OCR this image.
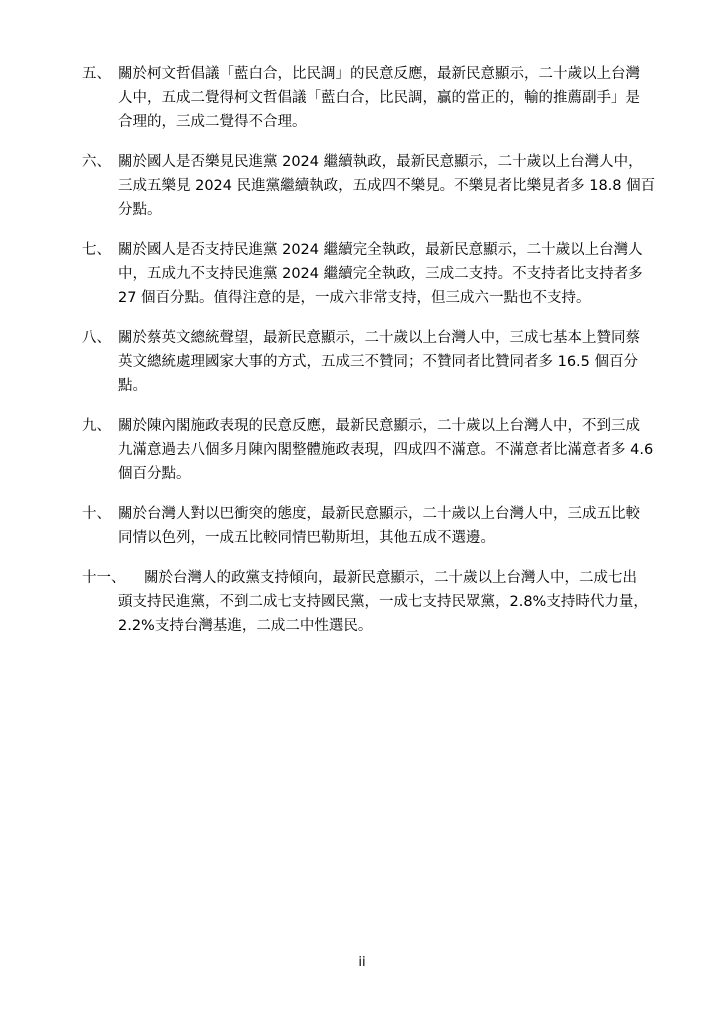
五、 關於柯文哲倡議「藍白合，比民調」的民意反應，最新民意顯示，二十歲以上台灣
人中，五成二覺得柯文哲倡議「藍白合，比民調，贏的當正的，輸的推薦副手」是
合理的，三成二覺得不合理。
六、 關於國人是否樂見民進黨 2024 繼續執政，最新民意顯示，二十歲以上台灣人中，
三成五樂見 2024 民進黨繼續執政，五成四不樂見。不樂見者比樂見者多 18.8 個百
分點。
七、 關於國人是否支持民進黨 2024 繼續完全執政，最新民意顯示，二十歲以上台灣人
中，五成九不支持民進黨 2024 繼續完全執政，三成二支持。不支持者比支持者多
27 個百分點。值得注意的是，一成六非常支持，但三成六一點也不支持。
八、 關於蔡英文總統聲望，最新民意顯示，二十歲以上台灣人中，三成七基本上贊同蔡
英文總統處理國家大事的方式，五成三不贊同；不贊同者比贊同者多 16.5 個百分
點。
九、 關於陳內閣施政表現的民意反應，最新民意顯示，二十歲以上台灣人中，不到三成
九滿意過去八個多月陳內閣整體施政表現，四成四不滿意。不滿意者比滿意者多 4.6
個百分點。
十、 關於台灣人對以巴衝突的態度，最新民意顯示，二十歲以上台灣人中，三成五比較
同情以色列，一成五比較同情巴勒斯坦，其他五成不選邊。
十一、	關於台灣人的政黨支持傾向，最新民意顯示，二十歲以上台灣人中，二成七出
頭支持民進黨，不到二成七支持國民黨，一成七支持民眾黨，2.8%支持時代力量，
2.2%支持台灣基進，二成二中性選民。
ii
